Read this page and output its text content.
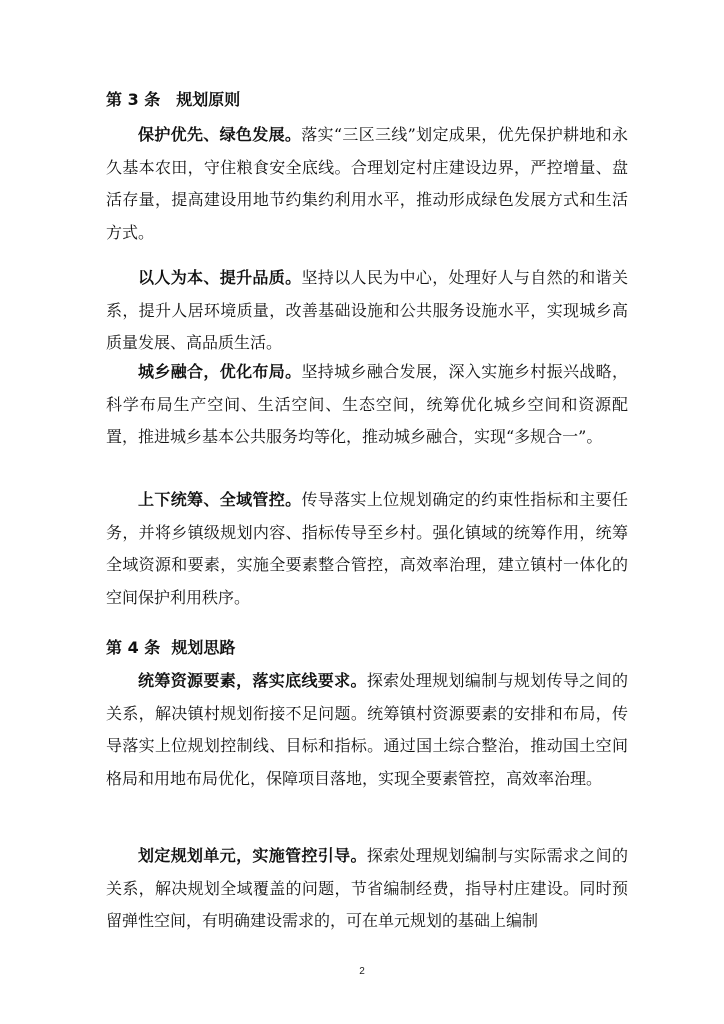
第 3 条　规划原则

保护优先、绿色发展。落实“三区三线”划定成果，优先保护耕地和永久基本农田，守住粮食安全底线。合理划定村庄建设边界，严控增量、盘活存量，提高建设用地节约集约利用水平，推动形成绿色发展方式和生活方式。

以人为本、提升品质。坚持以人民为中心，处理好人与自然的和谐关系，提升人居环境质量，改善基础设施和公共服务设施水平，实现城乡高质量发展、高品质生活。

城乡融合，优化布局。坚持城乡融合发展，深入实施乡村振兴战略，科学布局生产空间、生活空间、生态空间，统筹优化城乡空间和资源配置，推进城乡基本公共服务均等化，推动城乡融合，实现“多规合一”。

上下统筹、全域管控。传导落实上位规划确定的约束性指标和主要任务，并将乡镇级规划内容、指标传导至乡村。强化镇域的统筹作用，统筹全域资源和要素，实施全要素整合管控，高效率治理，建立镇村一体化的空间保护利用秩序。

第 4 条  规划思路

统筹资源要素，落实底线要求。探索处理规划编制与规划传导之间的关系，解决镇村规划衔接不足问题。统筹镇村资源要素的安排和布局，传导落实上位规划控制线、目标和指标。通过国土综合整治，推动国土空间格局和用地布局优化，保障项目落地，实现全要素管控，高效率治理。

划定规划单元，实施管控引导。探索处理规划编制与实际需求之间的关系，解决规划全域覆盖的问题，节省编制经费，指导村庄建设。同时预留弹性空间，有明确建设需求的，可在单元规划的基础上编制

2
